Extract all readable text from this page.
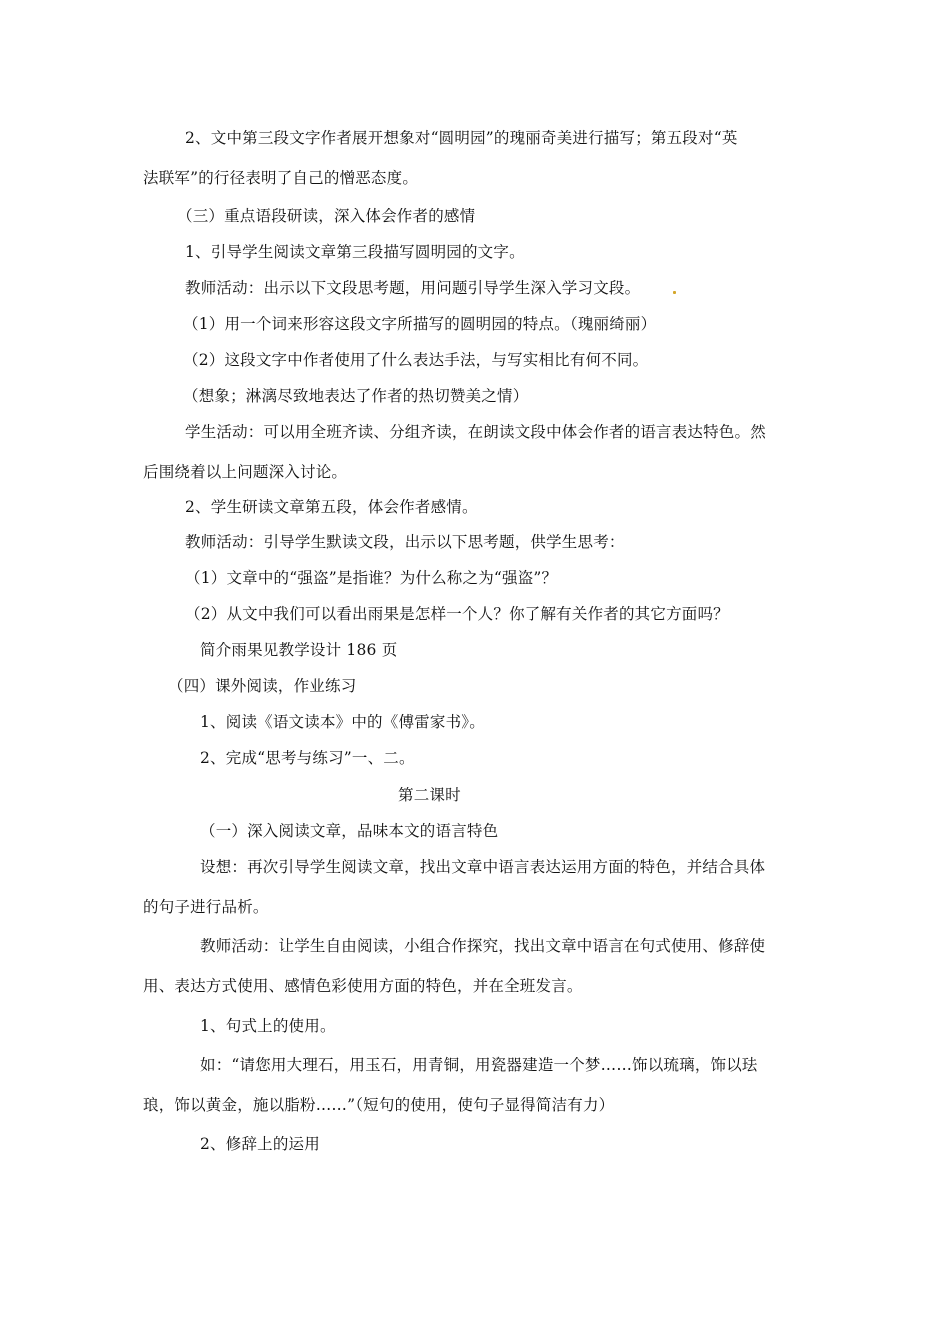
2、文中第三段文字作者展开想象对“圆明园”的瑰丽奇美进行描写；第五段对“英
法联军”的行径表明了自己的憎恶态度。
（三）重点语段研读，深入体会作者的感情
1、引导学生阅读文章第三段描写圆明园的文字。
教师活动：出示以下文段思考题，用问题引导学生深入学习文段。
（1）用一个词来形容这段文字所描写的圆明园的特点。（瑰丽绮丽）
（2）这段文字中作者使用了什么表达手法，与写实相比有何不同。
（想象；淋漓尽致地表达了作者的热切赞美之情）
学生活动：可以用全班齐读、分组齐读，在朗读文段中体会作者的语言表达特色。然
后围绕着以上问题深入讨论。
2、学生研读文章第五段，体会作者感情。
教师活动：引导学生默读文段，出示以下思考题，供学生思考：
（1）文章中的“强盗”是指谁？为什么称之为“强盗”？
（2）从文中我们可以看出雨果是怎样一个人？你了解有关作者的其它方面吗？
简介雨果见教学设计 186 页
（四）课外阅读，作业练习
1、阅读《语文读本》中的《傅雷家书》。
2、完成“思考与练习”一、二。
第二课时
（一）深入阅读文章，品味本文的语言特色
设想：再次引导学生阅读文章，找出文章中语言表达运用方面的特色，并结合具体
的句子进行品析。
教师活动：让学生自由阅读，小组合作探究，找出文章中语言在句式使用、修辞使
用、表达方式使用、感情色彩使用方面的特色，并在全班发言。
1、句式上的使用。
如：“请您用大理石，用玉石，用青铜，用瓷器建造一个梦……饰以琉璃，饰以珐
琅，饰以黄金，施以脂粉……”（短句的使用，使句子显得简洁有力）
2、修辞上的运用
